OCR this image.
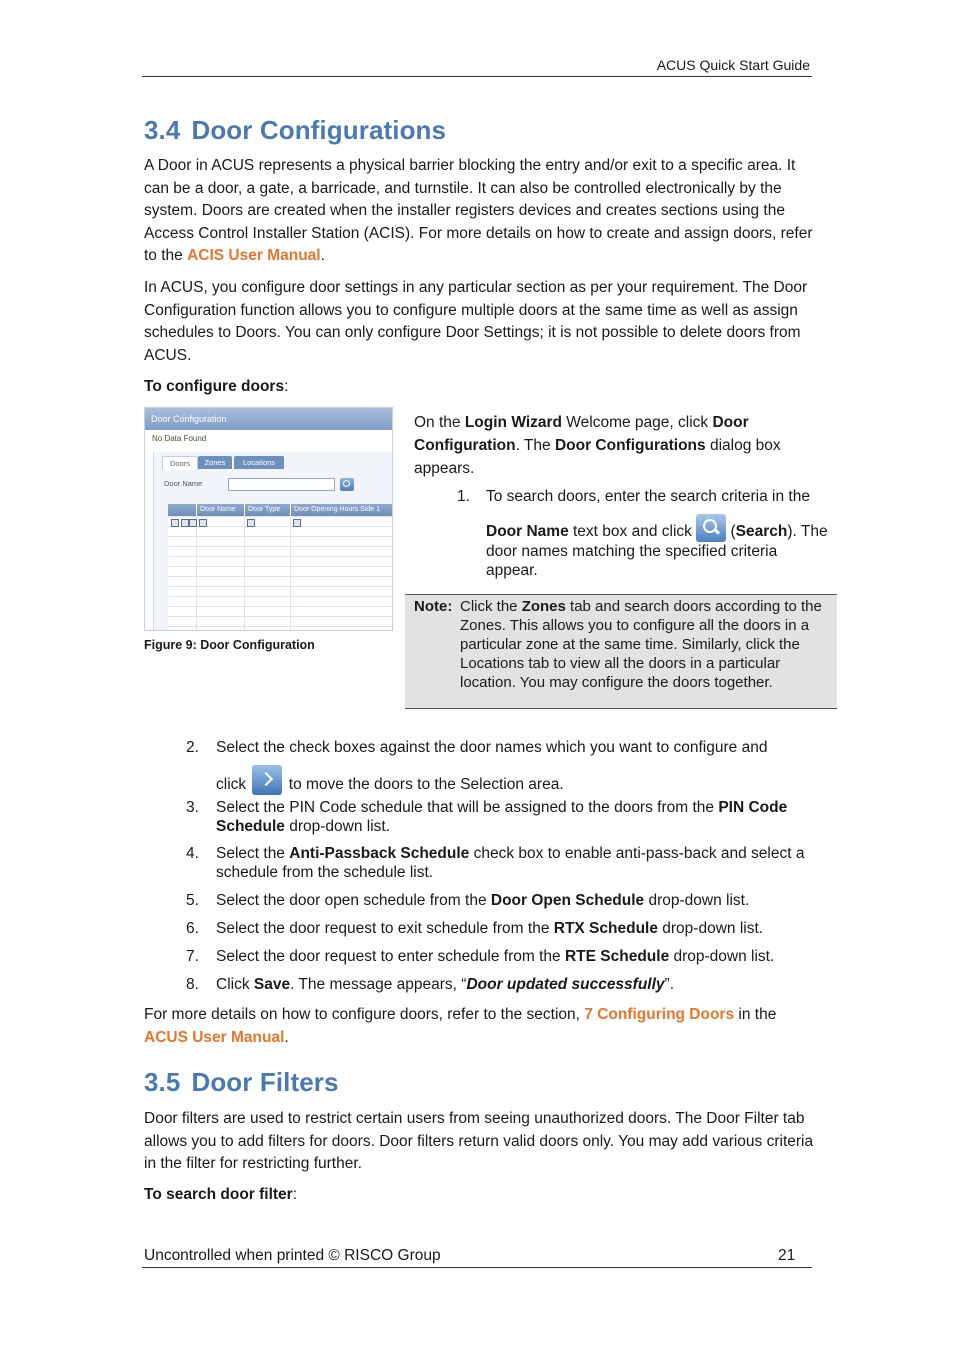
ACUS Quick Start Guide
3.4 Door Configurations

A Door in ACUS represents a physical barrier blocking the entry and/or exit to a specific area. It can be a door, a gate, a barricade, and turnstile. It can also be controlled electronically by the system. Doors are created when the installer registers devices and creates sections using the Access Control Installer Station (ACIS). For more details on how to create and assign doors, refer to the ACIS User Manual.

In ACUS, you configure door settings in any particular section as per your requirement. The Door Configuration function allows you to configure multiple doors at the same time as well as assign schedules to Doors. You can only configure Door Settings; it is not possible to delete doors from ACUS.

To configure doors:

Door Configuration
No Data Found
Doors	Zones	Locations
Door Name
Door Name	Door Type	Door Opening Hours Side 1
Figure 9: Door Configuration

On the Login Wizard Welcome page, click Door Configuration. The Door Configurations dialog box appears.

1. To search doors, enter the search criteria in the

Door Name text box and click  (Search). The door names matching the specified criteria appear.
Note: Click the Zones tab and search doors according to the Zones. This allows you to configure all the doors in a particular zone at the same time. Similarly, click the Locations tab to view all the doors in a particular location. You may configure the doors together.
2. Select the check boxes against the door names which you want to configure and

click  to move the doors to the Selection area.
3. Select the PIN Code schedule that will be assigned to the doors from the PIN Code Schedule drop-down list.
4. Select the Anti-Passback Schedule check box to enable anti-pass-back and select a schedule from the schedule list.
5. Select the door open schedule from the Door Open Schedule drop-down list.
6. Select the door request to exit schedule from the RTX Schedule drop-down list.
7. Select the door request to enter schedule from the RTE Schedule drop-down list.
8. Click Save. The message appears, “Door updated successfully”.

For more details on how to configure doors, refer to the section, 7 Configuring Doors in the ACUS User Manual.

3.5 Door Filters

Door filters are used to restrict certain users from seeing unauthorized doors. The Door Filter tab allows you to add filters for doors. Door filters return valid doors only. You may add various criteria in the filter for restricting further.

To search door filter:

Uncontrolled when printed © RISCO Group	21
